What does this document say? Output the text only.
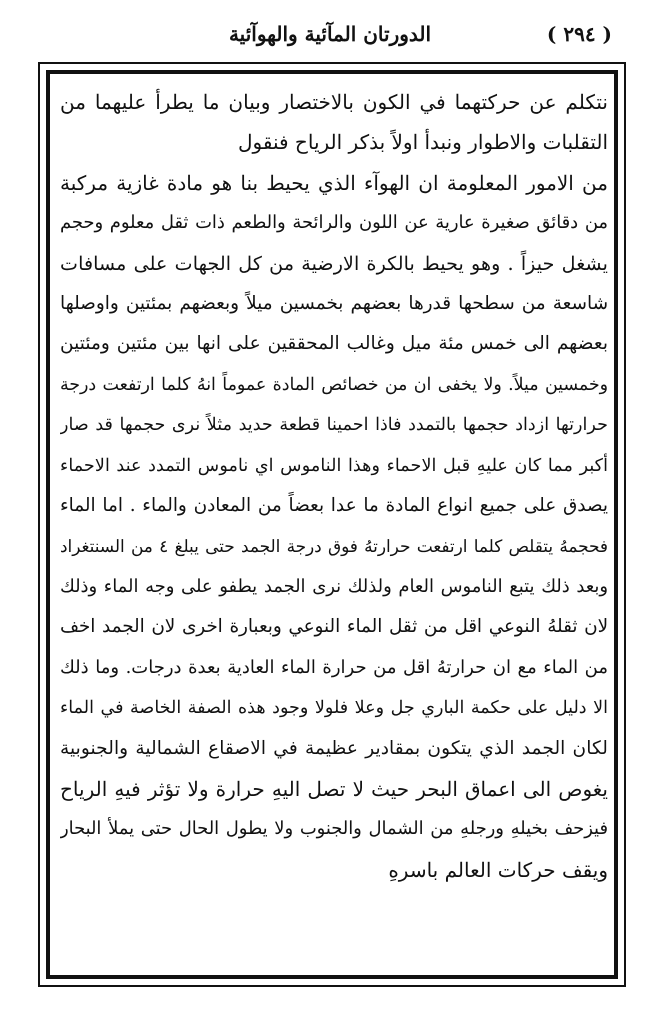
( ٢٩٤ )
الدورتان المآئية والهوآئية
نتكلم عن حركتهما في الكون بالاختصار وبيان ما يطرأ عليهما من
التقلبات والاطوار ونبدأ اولاً بذكر الرياح فنقول
من الامور المعلومة ان الهوآء الذي يحيط بنا هو مادة غازية مركبة
من دقائق صغيرة عارية عن اللون والرائحة والطعم ذات ثقل معلوم وحجم
يشغل حيزاً . وهو يحيط بالكرة الارضية من كل الجهات على مسافات
شاسعة من سطحها قدرها بعضهم بخمسين ميلاً وبعضهم بمئتين واوصلها
بعضهم الى خمس مئة ميل وغالب المحققين على انها بين مئتين ومئتين
وخمسين ميلاً. ولا يخفى ان من خصائص المادة عموماً انهُ كلما ارتفعت درجة
حرارتها ازداد حجمها بالتمدد فاذا احمينا قطعة حديد مثلاً نرى حجمها قد صار
أكبر مما كان عليهِ قبل الاحماء وهذا الناموس اي ناموس التمدد عند الاحماء
يصدق على جميع انواع المادة ما عدا بعضاً من المعادن والماء . اما الماء
فحجمهُ يتقلص كلما ارتفعت حرارتهُ فوق درجة الجمد حتى يبلغ ٤ من السنتغراد
وبعد ذلك يتبع الناموس العام ولذلك نرى الجمد يطفو على وجه الماء وذلك
لان ثقلهُ النوعي اقل من ثقل الماء النوعي وبعبارة اخرى لان الجمد اخف
من الماء مع ان حرارتهُ اقل من حرارة الماء العادية بعدة درجات. وما ذلك
الا دليل على حكمة الباري جل وعلا فلولا وجود هذه الصفة الخاصة في الماء
لكان الجمد الذي يتكون بمقادير عظيمة في الاصقاع الشمالية والجنوبية
يغوص الى اعماق البحر حيث لا تصل اليهِ حرارة ولا تؤثر فيهِ الرياح
فيزحف بخيلهِ ورجلهِ من الشمال والجنوب ولا يطول الحال حتى يملأ البحار
ويقف حركات العالم باسرهِ
